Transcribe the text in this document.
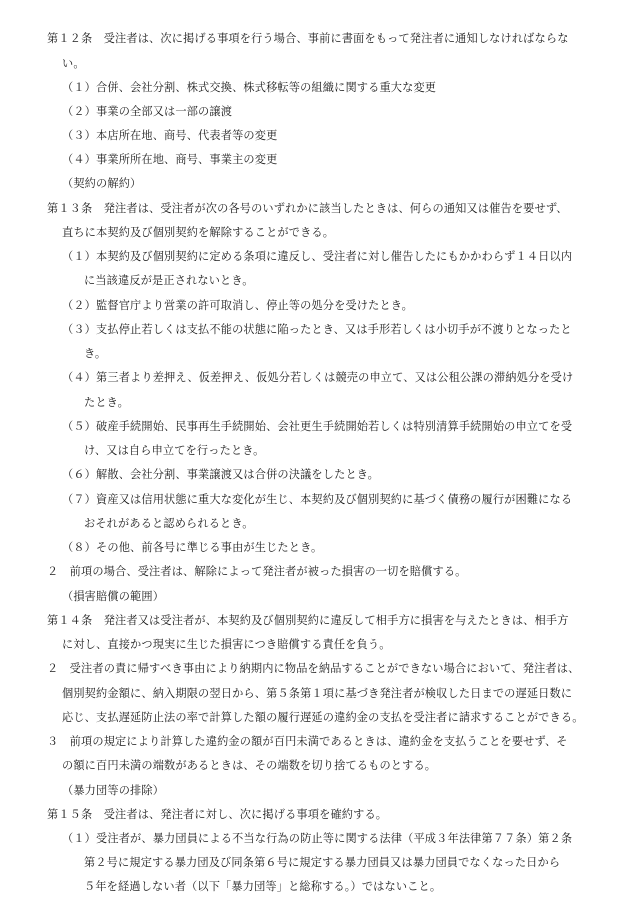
第１２条　受注者は、次に掲げる事項を行う場合、事前に書面をもって発注者に通知しなければならな
い。
（１）合併、会社分割、株式交換、株式移転等の組織に関する重大な変更
（２）事業の全部又は一部の譲渡
（３）本店所在地、商号、代表者等の変更
（４）事業所所在地、商号、事業主の変更
（契約の解約）
第１３条　発注者は、受注者が次の各号のいずれかに該当したときは、何らの通知又は催告を要せず、
直ちに本契約及び個別契約を解除することができる。
（１）本契約及び個別契約に定める条項に違反し、受注者に対し催告したにもかかわらず１４日以内
に当該違反が是正されないとき。
（２）監督官庁より営業の許可取消し、停止等の処分を受けたとき。
（３）支払停止若しくは支払不能の状態に陥ったとき、又は手形若しくは小切手が不渡りとなったと
き。
（４）第三者より差押え、仮差押え、仮処分若しくは競売の申立て、又は公租公課の滞納処分を受け
たとき。
（５）破産手続開始、民事再生手続開始、会社更生手続開始若しくは特別清算手続開始の申立てを受
け、又は自ら申立てを行ったとき。
（６）解散、会社分割、事業譲渡又は合併の決議をしたとき。
（７）資産又は信用状態に重大な変化が生じ、本契約及び個別契約に基づく債務の履行が困難になる
おそれがあると認められるとき。
（８）その他、前各号に準じる事由が生じたとき。
２　前項の場合、受注者は、解除によって発注者が被った損害の一切を賠償する。
（損害賠償の範囲）
第１４条　発注者又は受注者が、本契約及び個別契約に違反して相手方に損害を与えたときは、相手方
に対し、直接かつ現実に生じた損害につき賠償する責任を負う。
２　受注者の責に帰すべき事由により納期内に物品を納品することができない場合において、発注者は、
個別契約金額に、納入期限の翌日から、第５条第１項に基づき発注者が検収した日までの遅延日数に
応じ、支払遅延防止法の率で計算した額の履行遅延の違約金の支払を受注者に請求することができる。
３　前項の規定により計算した違約金の額が百円未満であるときは、違約金を支払うことを要せず、そ
の額に百円未満の端数があるときは、その端数を切り捨てるものとする。
（暴力団等の排除）
第１５条　受注者は、発注者に対し、次に掲げる事項を確約する。
（１）受注者が、暴力団員による不当な行為の防止等に関する法律（平成３年法律第７７条）第２条
第２号に規定する暴力団及び同条第６号に規定する暴力団員又は暴力団員でなくなった日から
５年を経過しない者（以下「暴力団等」と総称する。）ではないこと。
